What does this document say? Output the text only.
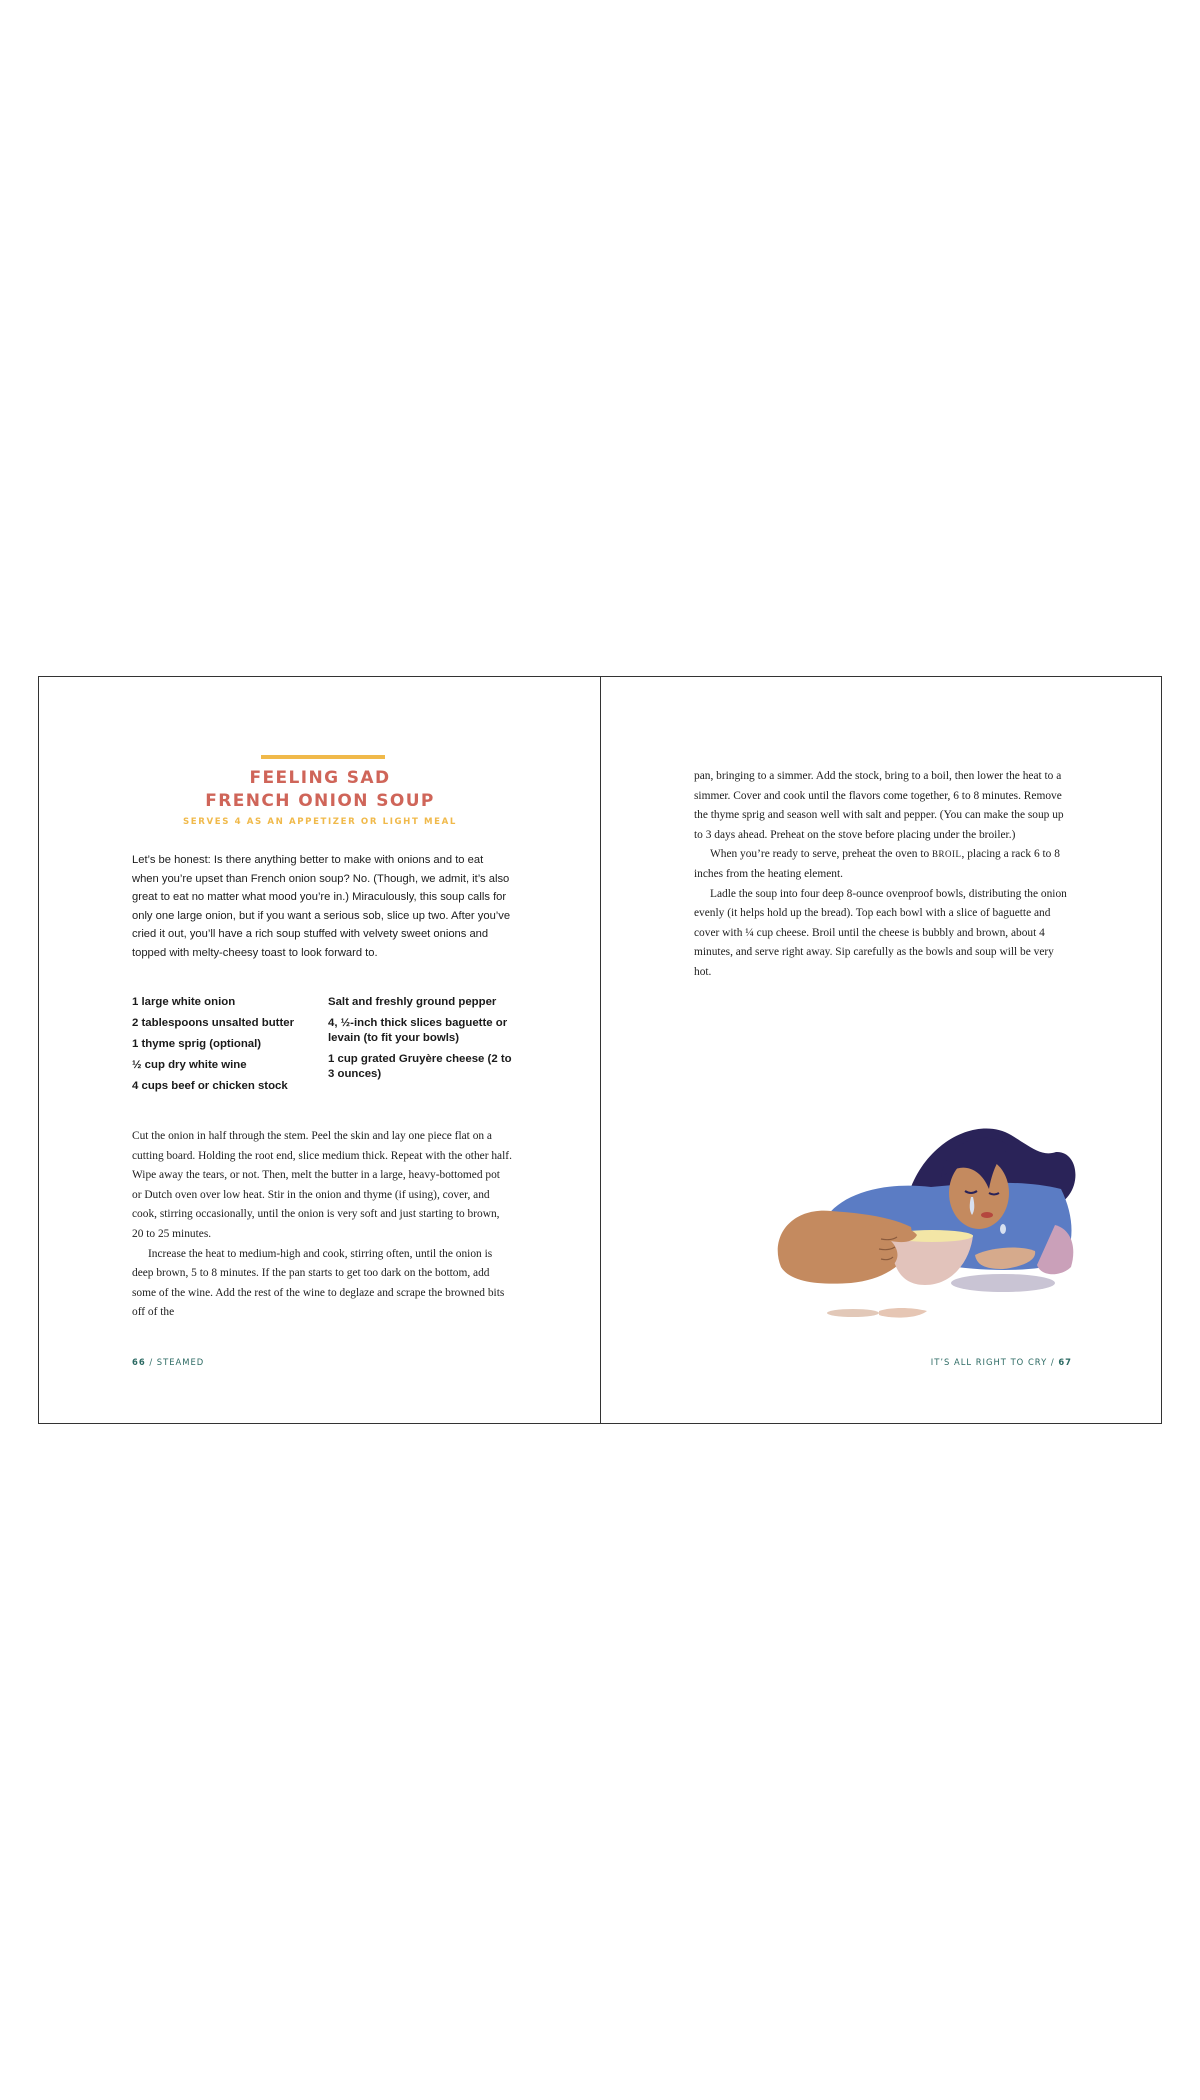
FEELING SAD
FRENCH ONION SOUP
SERVES 4 AS AN APPETIZER OR LIGHT MEAL
Let’s be honest: Is there anything better to make with onions and to eat when you’re upset than French onion soup? No. (Though, we admit, it’s also great to eat no matter what mood you’re in.) Miraculously, this soup calls for only one large onion, but if you want a serious sob, slice up two. After you’ve cried it out, you’ll have a rich soup stuffed with velvety sweet onions and topped with melty-cheesy toast to look forward to.
1 large white onion
2 tablespoons unsalted butter
1 thyme sprig (optional)
½ cup dry white wine
4 cups beef or chicken stock
Salt and freshly ground pepper
4, ½-inch thick slices baguette or levain (to fit your bowls)
1 cup grated Gruyère cheese (2 to 3 ounces)

Cut the onion in half through the stem. Peel the skin and lay one piece flat on a cutting board. Holding the root end, slice medium thick. Repeat with the other half. Wipe away the tears, or not. Then, melt the butter in a large, heavy-bottomed pot or Dutch oven over low heat. Stir in the onion and thyme (if using), cover, and cook, stirring occasionally, until the onion is very soft and just starting to brown, 20 to 25 minutes.

Increase the heat to medium-high and cook, stirring often, until the onion is deep brown, 5 to 8 minutes. If the pan starts to get too dark on the bottom, add some of the wine. Add the rest of the wine to deglaze and scrape the browned bits off of the

66 / STEAMED

pan, bringing to a simmer. Add the stock, bring to a boil, then lower the heat to a simmer. Cover and cook until the flavors come together, 6 to 8 minutes. Remove the thyme sprig and season well with salt and pepper. (You can make the soup up to 3 days ahead. Preheat on the stove before placing under the broiler.)

When you’re ready to serve, preheat the oven to BROIL, placing a rack 6 to 8 inches from the heating element.

Ladle the soup into four deep 8-ounce ovenproof bowls, distributing the onion evenly (it helps hold up the bread). Top each bowl with a slice of baguette and cover with ¼ cup cheese. Broil until the cheese is bubbly and brown, about 4 minutes, and serve right away. Sip carefully as the bowls and soup will be very hot.

IT’S ALL RIGHT TO CRY / 67
